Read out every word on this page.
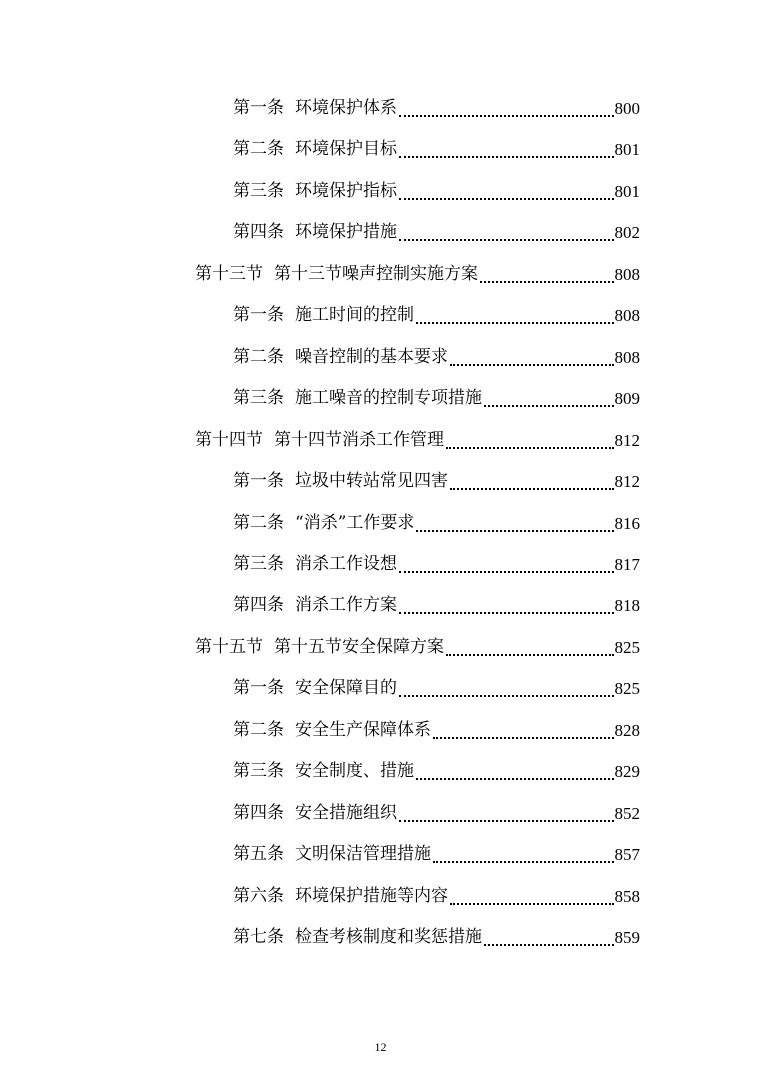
第一条 环境保护体系	800
第二条 环境保护目标	801
第三条 环境保护指标	801
第四条 环境保护措施	802
第十三节 第十三节噪声控制实施方案	808
第一条 施工时间的控制	808
第二条 噪音控制的基本要求	808
第三条 施工噪音的控制专项措施	809
第十四节 第十四节消杀工作管理	812
第一条 垃圾中转站常见四害	812
第二条 “消杀”工作要求	816
第三条 消杀工作设想	817
第四条 消杀工作方案	818
第十五节 第十五节安全保障方案	825
第一条 安全保障目的	825
第二条 安全生产保障体系	828
第三条 安全制度、措施	829
第四条 安全措施组织	852
第五条 文明保洁管理措施	857
第六条 环境保护措施等内容	858
第七条 检查考核制度和奖惩措施	859
12
